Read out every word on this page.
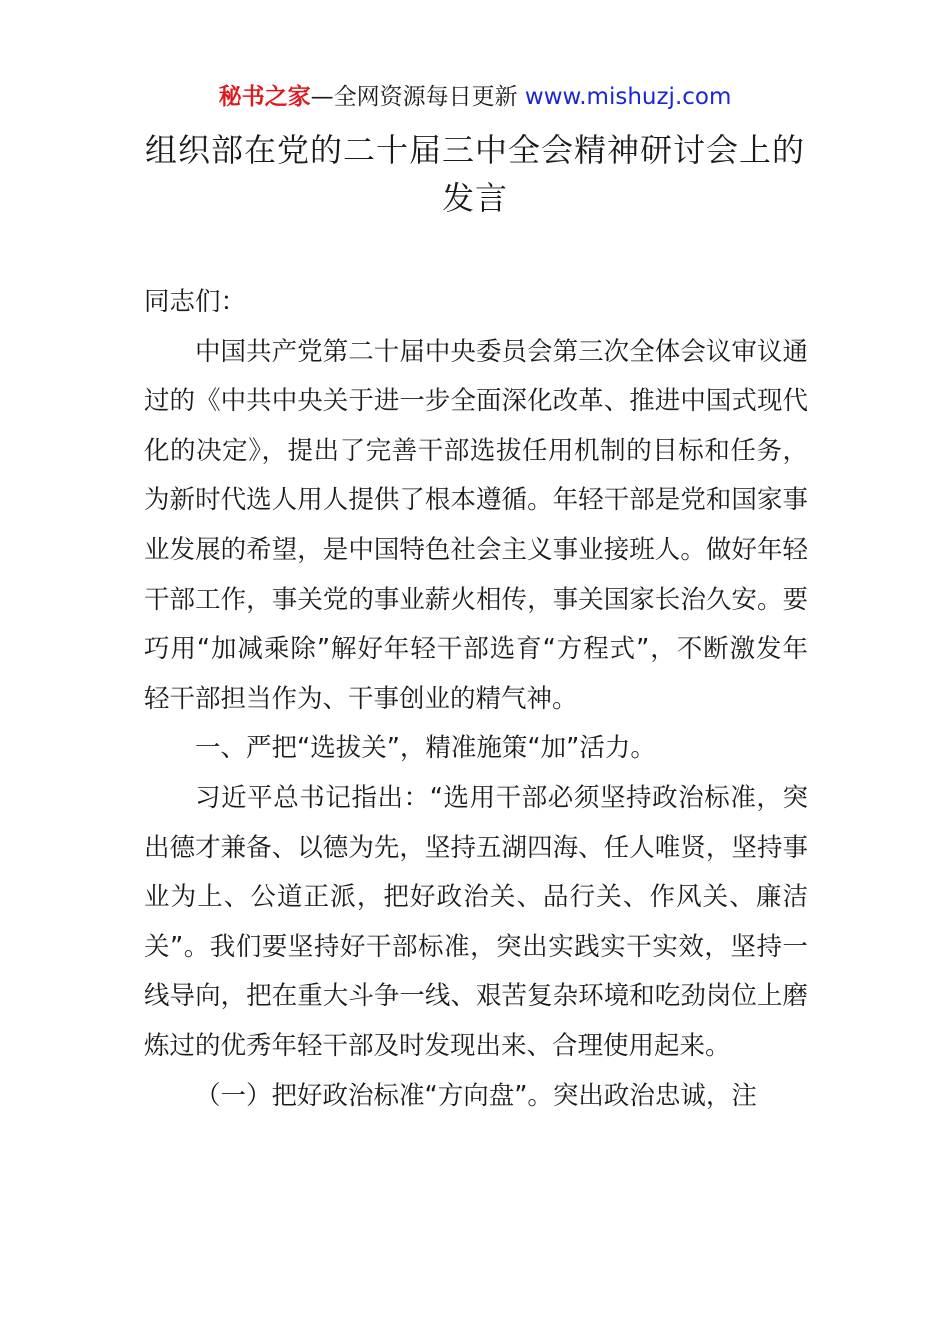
秘书之家—全网资源每日更新 www.mishuzj.com
组织部在党的二十届三中全会精神研讨会上的发言

同志们：

中国共产党第二十届中央委员会第三次全体会议审议通过的《中共中央关于进一步全面深化改革、推进中国式现代化的决定》，提出了完善干部选拔任用机制的目标和任务，为新时代选人用人提供了根本遵循。年轻干部是党和国家事业发展的希望，是中国特色社会主义事业接班人。做好年轻干部工作，事关党的事业薪火相传，事关国家长治久安。要巧用“加减乘除”解好年轻干部选育“方程式”，不断激发年轻干部担当作为、干事创业的精气神。

一、严把“选拔关”，精准施策“加”活力。

习近平总书记指出：“选用干部必须坚持政治标准，突出德才兼备、以德为先，坚持五湖四海、任人唯贤，坚持事业为上、公道正派，把好政治关、品行关、作风关、廉洁关”。我们要坚持好干部标准，突出实践实干实效，坚持一线导向，把在重大斗争一线、艰苦复杂环境和吃劲岗位上磨炼过的优秀年轻干部及时发现出来、合理使用起来。

（一）把好政治标准“方向盘”。突出政治忠诚，注
